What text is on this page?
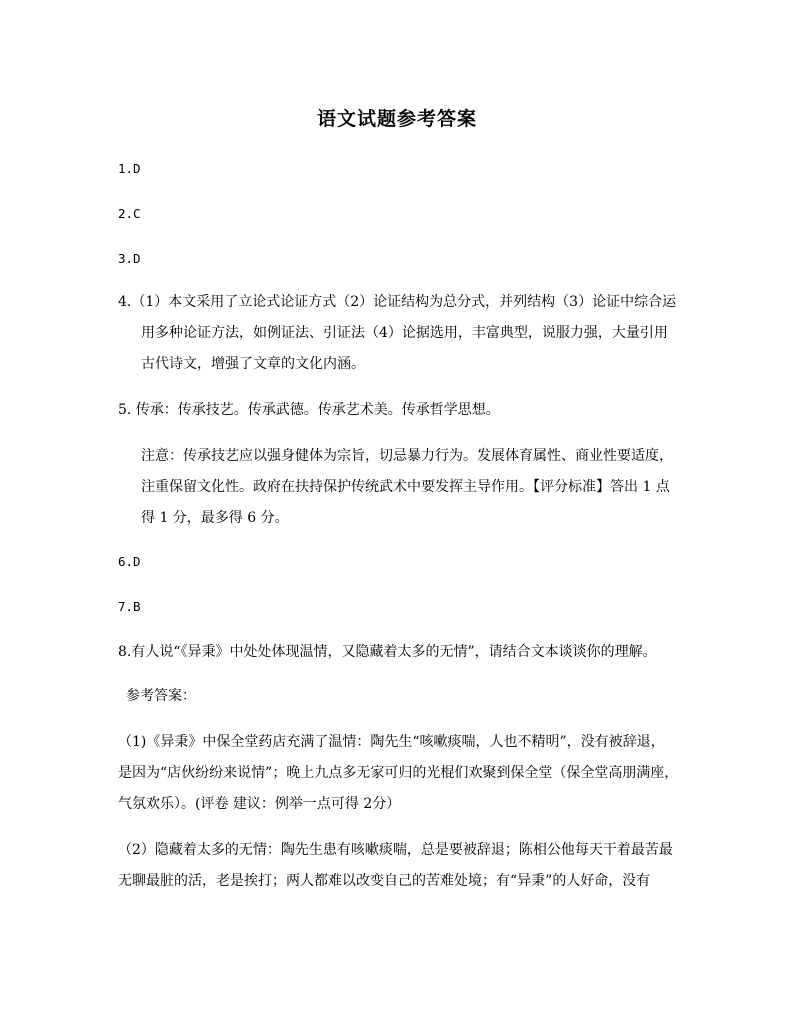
语文试题参考答案
1.D
2.C
3.D
4.（1）本文采用了立论式论证方式（2）论证结构为总分式，并列结构（3）论证中综合运
用多种论证方法，如例证法、引证法（4）论据选用，丰富典型，说服力强，大量引用
古代诗文，增强了文章的文化内涵。
5. 传承：传承技艺。传承武德。传承艺术美。传承哲学思想。
注意：传承技艺应以强身健体为宗旨，切忌暴力行为。发展体育属性、商业性要适度，
注重保留文化性。政府在扶持保护传统武术中要发挥主导作用。【评分标准】答出 1 点
得 1 分，最多得 6 分。
6.D
7.B
8.有人说“《异秉》中处处体现温情，又隐藏着太多的无情”，请结合文本谈谈你的理解。
参考答案：
（1)《异秉》中保全堂药店充满了温情：陶先生“咳嗽痰喘，人也不精明”，没有被辞退，
是因为“店伙纷纷来说情”；晚上九点多无家可归的光棍们欢聚到保全堂（保全堂高朋满座，
气氛欢乐）。(评卷 建议：例举一点可得 2分）
（2）隐藏着太多的无情：陶先生患有咳嗽痰喘，总是要被辞退；陈相公他每天干着最苦最
无聊最脏的活，老是挨打；两人都难以改变自己的苦难处境；有“异秉”的人好命，没有
